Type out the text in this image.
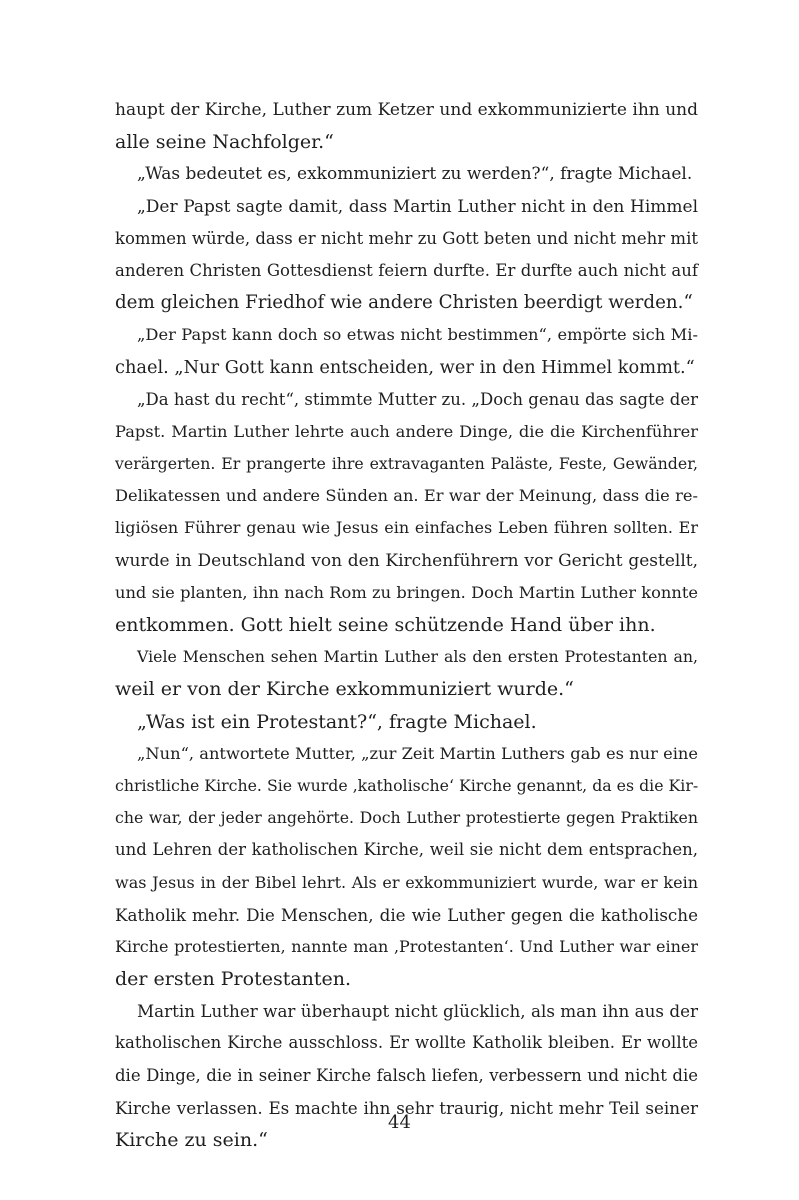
haupt der Kirche, Luther zum Ketzer und exkommunizierte ihn und
alle seine Nachfolger.“
„Was bedeutet es, exkommuniziert zu werden?“, fragte Michael.
„Der Papst sagte damit, dass Martin Luther nicht in den Himmel
kommen würde, dass er nicht mehr zu Gott beten und nicht mehr mit
anderen Christen Gottesdienst feiern durfte. Er durfte auch nicht auf
dem gleichen Friedhof wie andere Christen beerdigt werden.“
„Der Papst kann doch so etwas nicht bestimmen“, empörte sich Mi-
chael. „Nur Gott kann entscheiden, wer in den Himmel kommt.“
„Da hast du recht“, stimmte Mutter zu. „Doch genau das sagte der
Papst. Martin Luther lehrte auch andere Dinge, die die Kirchenführer
verärgerten. Er prangerte ihre extravaganten Paläste, Feste, Gewänder,
Delikatessen und andere Sünden an. Er war der Meinung, dass die re-
ligiösen Führer genau wie Jesus ein einfaches Leben führen sollten. Er
wurde in Deutschland von den Kirchenführern vor Gericht gestellt,
und sie planten, ihn nach Rom zu bringen. Doch Martin Luther konnte
entkommen. Gott hielt seine schützende Hand über ihn.
Viele Menschen sehen Martin Luther als den ersten Protestanten an,
weil er von der Kirche exkommuniziert wurde.“
„Was ist ein Protestant?“, fragte Michael.
„Nun“, antwortete Mutter, „zur Zeit Martin Luthers gab es nur eine
christliche Kirche. Sie wurde ‚katholische‘ Kirche genannt, da es die Kir-
che war, der jeder angehörte. Doch Luther protestierte gegen Praktiken
und Lehren der katholischen Kirche, weil sie nicht dem entsprachen,
was Jesus in der Bibel lehrt. Als er exkommuniziert wurde, war er kein
Katholik mehr. Die Menschen, die wie Luther gegen die katholische
Kirche protestierten, nannte man ‚Protestanten‘. Und Luther war einer
der ersten Protestanten.
Martin Luther war überhaupt nicht glücklich, als man ihn aus der
katholischen Kirche ausschloss. Er wollte Katholik bleiben. Er wollte
die Dinge, die in seiner Kirche falsch liefen, verbessern und nicht die
Kirche verlassen. Es machte ihn sehr traurig, nicht mehr Teil seiner
Kirche zu sein.“
44
